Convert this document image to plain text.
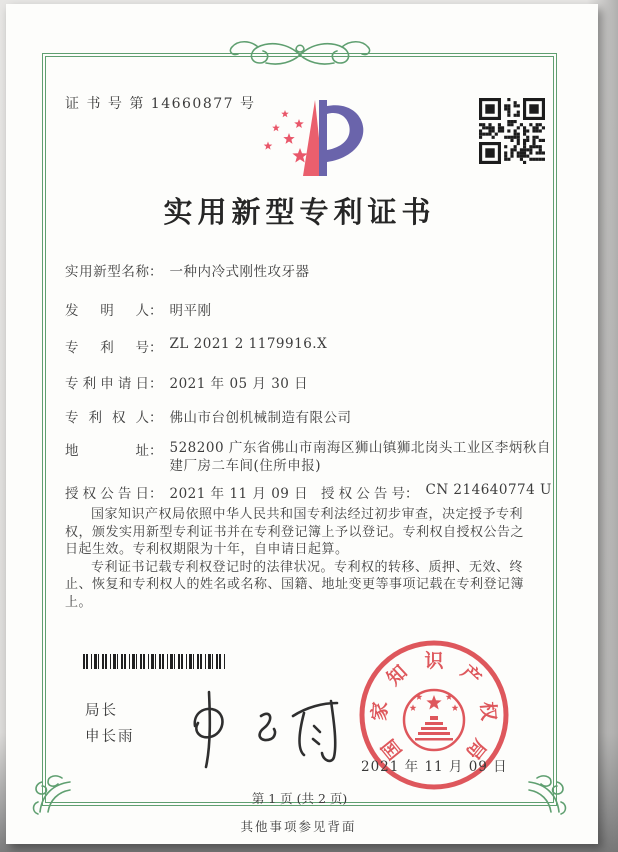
证 书 号 第 14660877 号
实用新型专利证书
实用新型名称： 一种内冷式刚性攻牙器
发明人： 明平刚
专利号： ZL 2021 2 1179916.X
专利申请日： 2021 年 05 月 30 日
专利权人： 佛山市台创机械制造有限公司
地址： 528200 广东省佛山市南海区狮山镇狮北岗头工业区李炳秋自建厂房二车间(住所申报)
授权公告日： 2021 年 11 月 09 日 授权公告号： CN 214640774 U

国家知识产权局依照中华人民共和国专利法经过初步审查，决定授予专利权，颁发实用新型专利证书并在专利登记簿上予以登记。专利权自授权公告之日起生效。专利权期限为十年，自申请日起算。

专利证书记载专利权登记时的法律状况。专利权的转移、质押、无效、终止、恢复和专利权人的姓名或名称、国籍、地址变更等事项记载在专利登记簿上。

局长
申长雨	国
家
知 识 产
权
局
2021 年 11 月 09 日
第 1 页 (共 2 页)
其他事项参见背面
